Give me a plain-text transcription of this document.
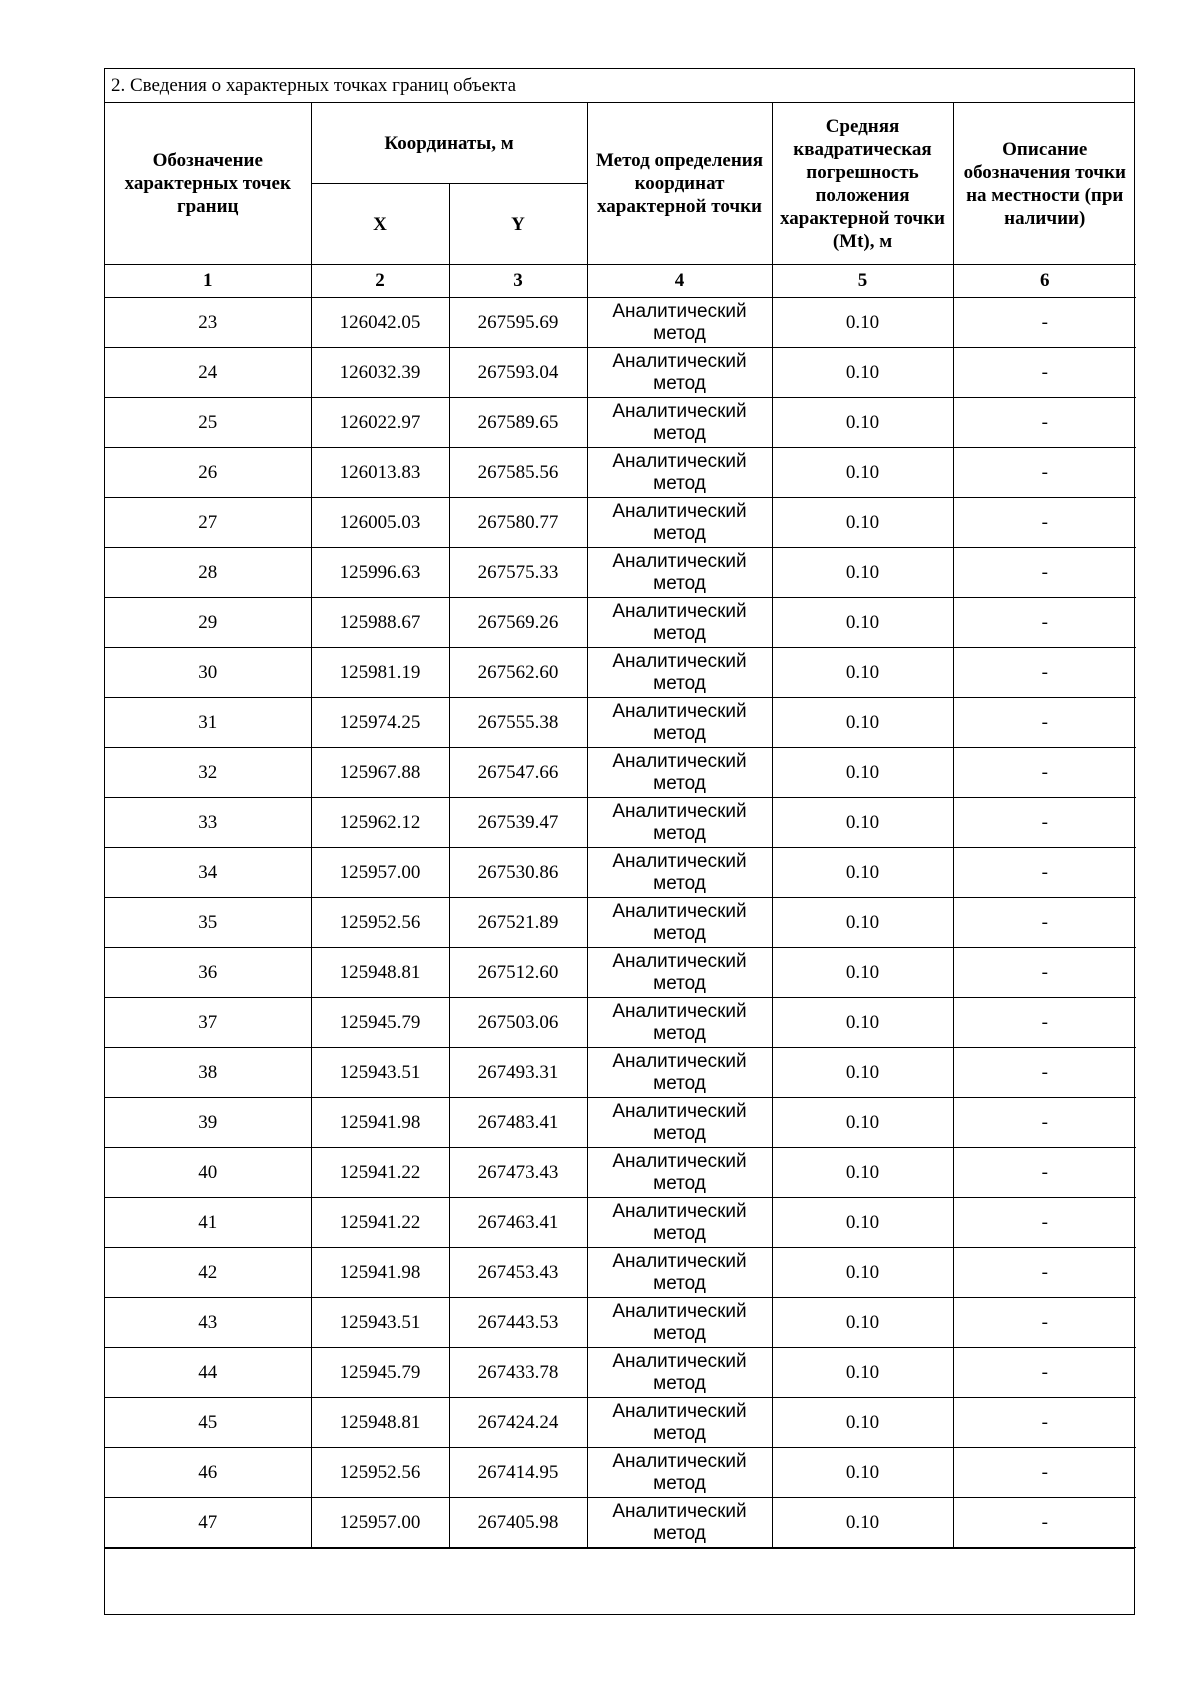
2. Сведения о характерных точках границ объекта
Обозначение характерных точек границ	Координаты, м		Метод определения координат характерной точки	Средняя квадратическая погрешность положения характерной точки (Mt), м	Описание обозначения точки на местности (при наличии)
	X	Y			
1	2	3	4	5	6
23	126042.05	267595.69	Аналитический метод	0.10	-
24	126032.39	267593.04	Аналитический метод	0.10	-
25	126022.97	267589.65	Аналитический метод	0.10	-
26	126013.83	267585.56	Аналитический метод	0.10	-
27	126005.03	267580.77	Аналитический метод	0.10	-
28	125996.63	267575.33	Аналитический метод	0.10	-
29	125988.67	267569.26	Аналитический метод	0.10	-
30	125981.19	267562.60	Аналитический метод	0.10	-
31	125974.25	267555.38	Аналитический метод	0.10	-
32	125967.88	267547.66	Аналитический метод	0.10	-
33	125962.12	267539.47	Аналитический метод	0.10	-
34	125957.00	267530.86	Аналитический метод	0.10	-
35	125952.56	267521.89	Аналитический метод	0.10	-
36	125948.81	267512.60	Аналитический метод	0.10	-
37	125945.79	267503.06	Аналитический метод	0.10	-
38	125943.51	267493.31	Аналитический метод	0.10	-
39	125941.98	267483.41	Аналитический метод	0.10	-
40	125941.22	267473.43	Аналитический метод	0.10	-
41	125941.22	267463.41	Аналитический метод	0.10	-
42	125941.98	267453.43	Аналитический метод	0.10	-
43	125943.51	267443.53	Аналитический метод	0.10	-
44	125945.79	267433.78	Аналитический метод	0.10	-
45	125948.81	267424.24	Аналитический метод	0.10	-
46	125952.56	267414.95	Аналитический метод	0.10	-
47	125957.00	267405.98	Аналитический метод	0.10	-
